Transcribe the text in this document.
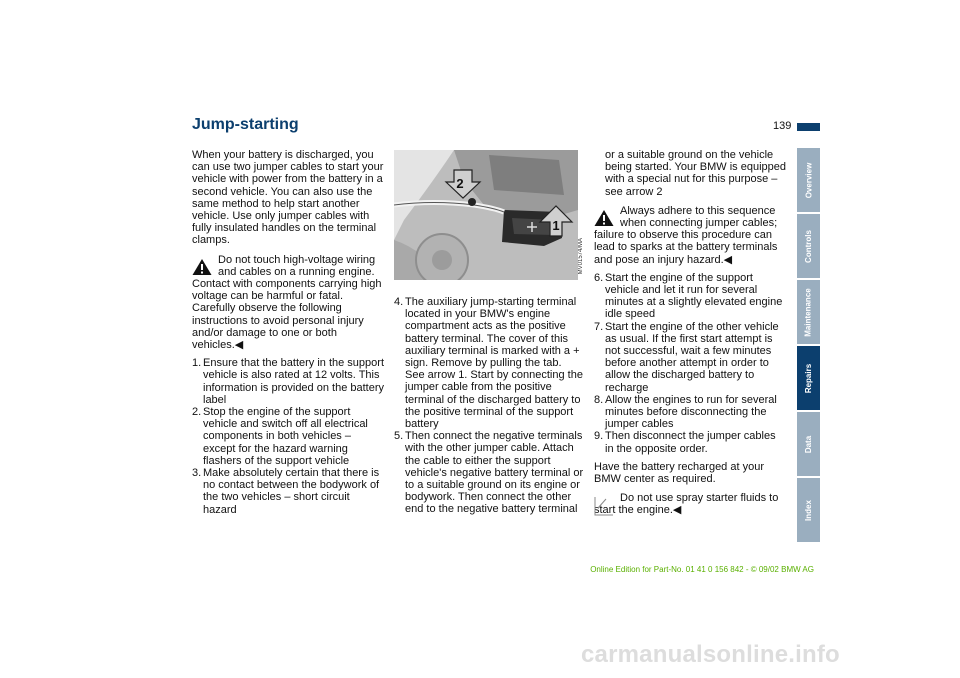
Jump-starting	139

When your battery is discharged, you can use two jumper cables to start your vehicle with power from the battery in a second vehicle. You can also use the same method to help start another vehicle. Use only jumper cables with fully insulated handles on the terminal clamps.

Do not touch high-voltage wiring and cables on a running engine.

Contact with components carrying high voltage can be harmful or fatal. Carefully observe the following instructions to avoid personal injury and/or damage to one or both vehicles.◀

1. Ensure that the battery in the support vehicle is also rated at 12 volts. This information is provided on the battery label
2. Stop the engine of the support vehicle and switch off all electrical components in both vehicles – except for the hazard warning flashers of the support vehicle
3. Make absolutely certain that there is no contact between the bodywork of the two vehicles – short circuit hazard
2
1
MV01574/MA
4. The auxiliary jump-starting terminal located in your BMW's engine compartment acts as the positive battery terminal. The cover of this auxiliary terminal is marked with a + sign. Remove by pulling the tab. See arrow 1. Start by connecting the jumper cable from the positive terminal of the discharged battery to the positive terminal of the support battery
5. Then connect the negative terminals with the other jumper cable. Attach the cable to either the support vehicle's negative battery terminal or to a suitable ground on its engine or bodywork. Then connect the other end to the negative battery terminal

or a suitable ground on the vehicle being started. Your BMW is equipped with a special nut for this purpose – see arrow 2

Always adhere to this sequence when connecting jumper cables;

failure to observe this procedure can lead to sparks at the battery terminals and pose an injury hazard.◀

6. Start the engine of the support vehicle and let it run for several minutes at a slightly elevated engine idle speed
7. Start the engine of the other vehicle as usual. If the first start attempt is not successful, wait a few minutes before another attempt in order to allow the discharged battery to recharge
8. Allow the engines to run for several minutes before disconnecting the jumper cables
9. Then disconnect the jumper cables in the opposite order.

Have the battery recharged at your BMW center as required.

Do not use spray starter fluids to start the engine.◀

Overview
Controls
Maintenance
Repairs
Data
Index
Online Edition for Part-No. 01 41 0 156 842 - © 09/02 BMW AG
carmanualsonline.info
